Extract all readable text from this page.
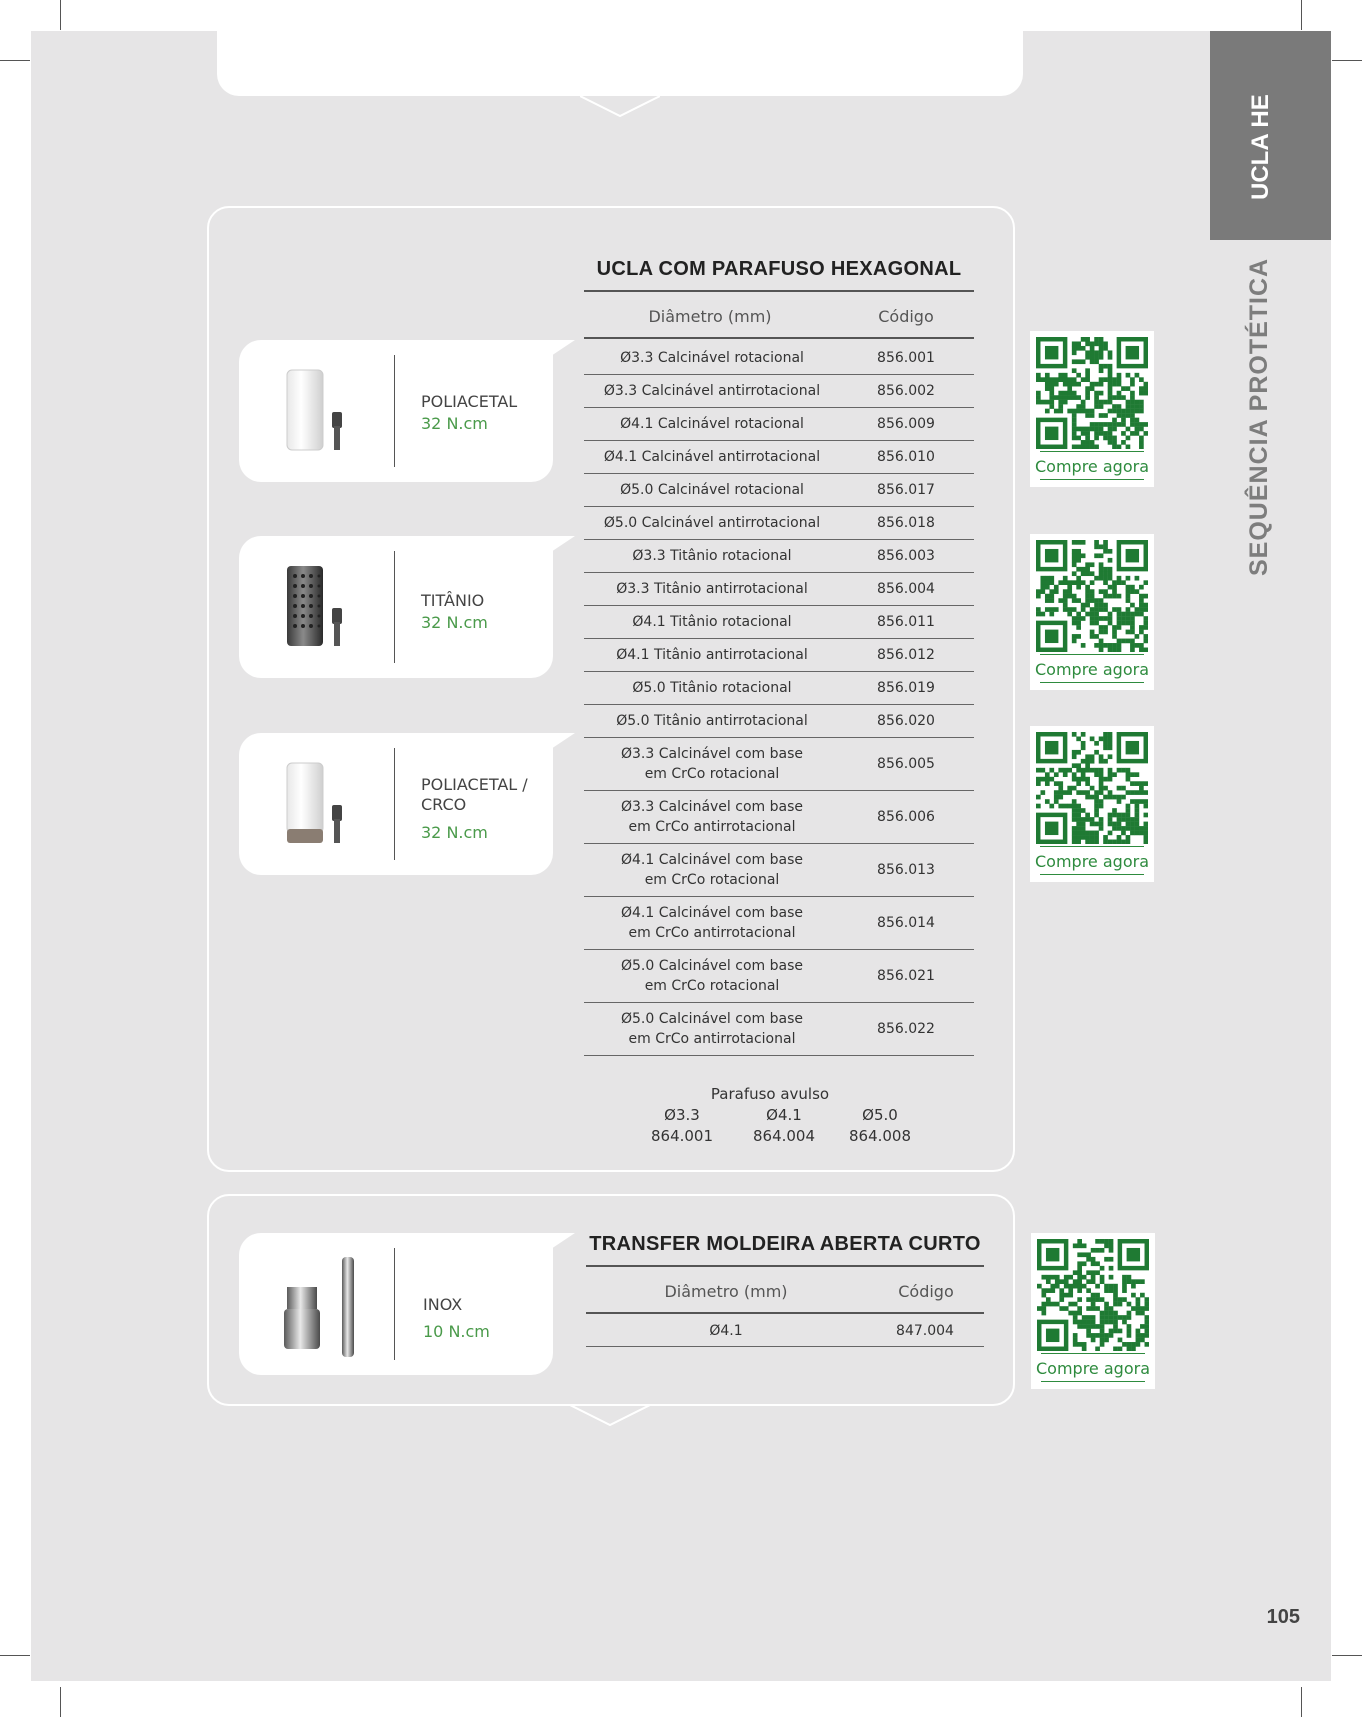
UCLA HE
SEQUÊNCIA PROTÉTICA
105
UCLA COM PARAFUSO HEXAGONAL
Diâmetro (mm)	Código
Ø3.3 Calcinável rotacional	856.001
Ø3.3 Calcinável antirrotacional	856.002
Ø4.1 Calcinável rotacional	856.009
Ø4.1 Calcinável antirrotacional	856.010
Ø5.0 Calcinável rotacional	856.017
Ø5.0 Calcinável antirrotacional	856.018
Ø3.3 Titânio rotacional	856.003
Ø3.3 Titânio antirrotacional	856.004
Ø4.1 Titânio rotacional	856.011
Ø4.1 Titânio antirrotacional	856.012
Ø5.0 Titânio rotacional	856.019
Ø5.0 Titânio antirrotacional	856.020
Ø3.3 Calcinável com base
em CrCo rotacional
856.005
Ø3.3 Calcinável com base
em CrCo antirrotacional
856.006
Ø4.1 Calcinável com base
em CrCo rotacional
856.013
Ø4.1 Calcinável com base
em CrCo antirrotacional
856.014
Ø5.0 Calcinável com base
em CrCo rotacional
856.021
Ø5.0 Calcinável com base
em CrCo antirrotacional
856.022
Parafuso avulso
Ø3.3	Ø4.1	Ø5.0
864.001	864.004	864.008
POLIACETAL
32 N.cm
TITÂNIO
32 N.cm
POLIACETAL /
CRCO
32 N.cm
Compre agora
Compre agora
Compre agora
TRANSFER MOLDEIRA ABERTA CURTO
Diâmetro (mm)	Código
Ø4.1	847.004
INOX
10 N.cm
Compre agora
